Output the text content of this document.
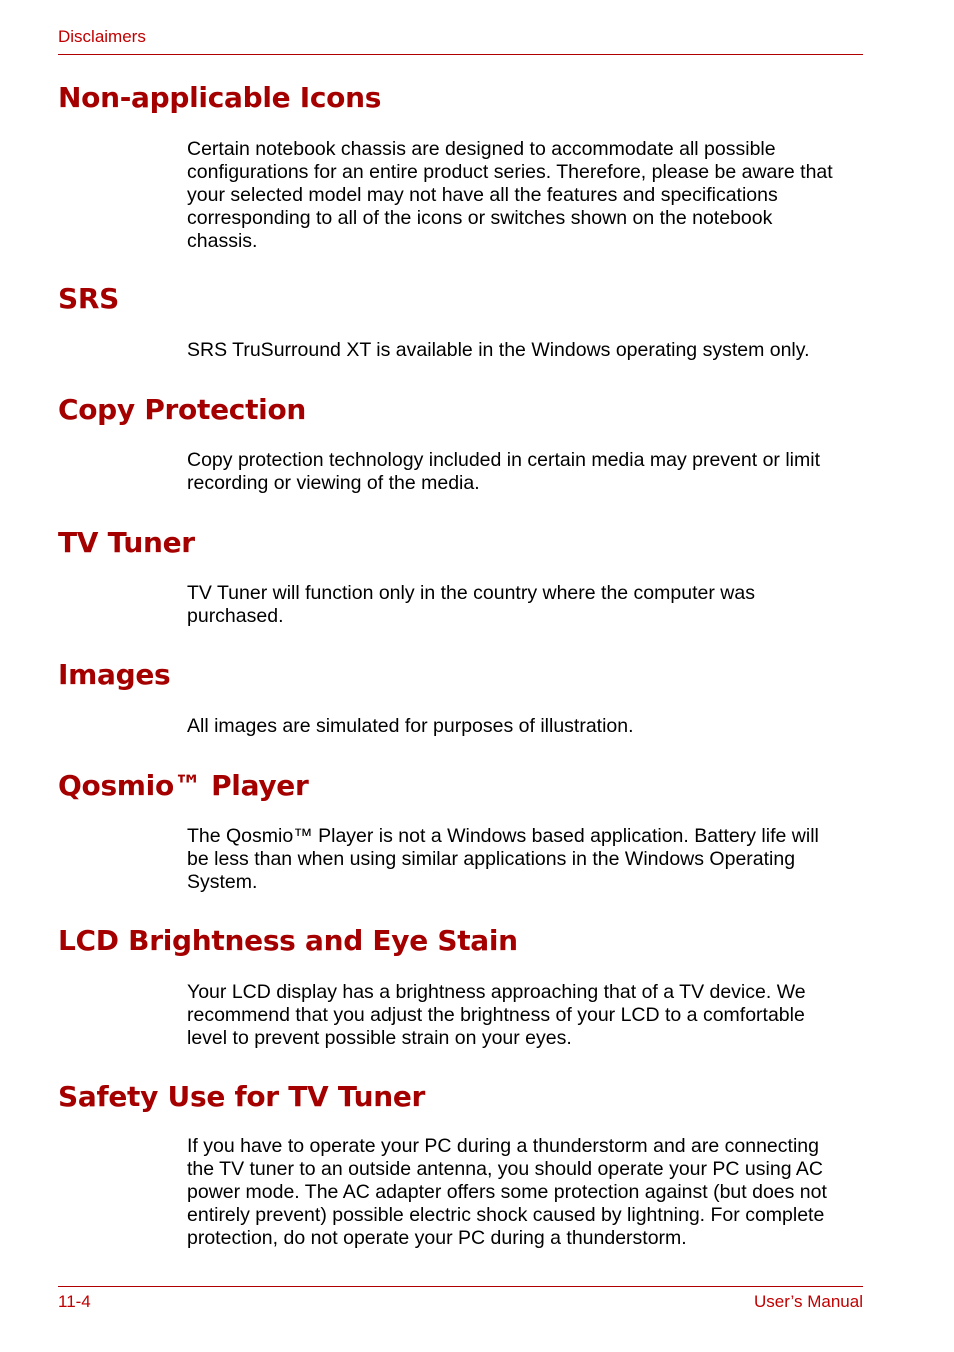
Disclaimers
Non-applicable Icons
Certain notebook chassis are designed to accommodate all possible
configurations for an entire product series. Therefore, please be aware that
your selected model may not have all the features and specifications
corresponding to all of the icons or switches shown on the notebook
chassis.
SRS
SRS TruSurround XT is available in the Windows operating system only.
Copy Protection
Copy protection technology included in certain media may prevent or limit
recording or viewing of the media.
TV Tuner
TV Tuner will function only in the country where the computer was
purchased.
Images
All images are simulated for purposes of illustration.
Qosmio™ Player
The Qosmio™ Player is not a Windows based application. Battery life will
be less than when using similar applications in the Windows Operating
System.
LCD Brightness and Eye Stain
Your LCD display has a brightness approaching that of a TV device. We
recommend that you adjust the brightness of your LCD to a comfortable
level to prevent possible strain on your eyes.
Safety Use for TV Tuner
If you have to operate your PC during a thunderstorm and are connecting
the TV tuner to an outside antenna, you should operate your PC using AC
power mode. The AC adapter offers some protection against (but does not
entirely prevent) possible electric shock caused by lightning. For complete
protection, do not operate your PC during a thunderstorm.
11-4	User’s Manual
